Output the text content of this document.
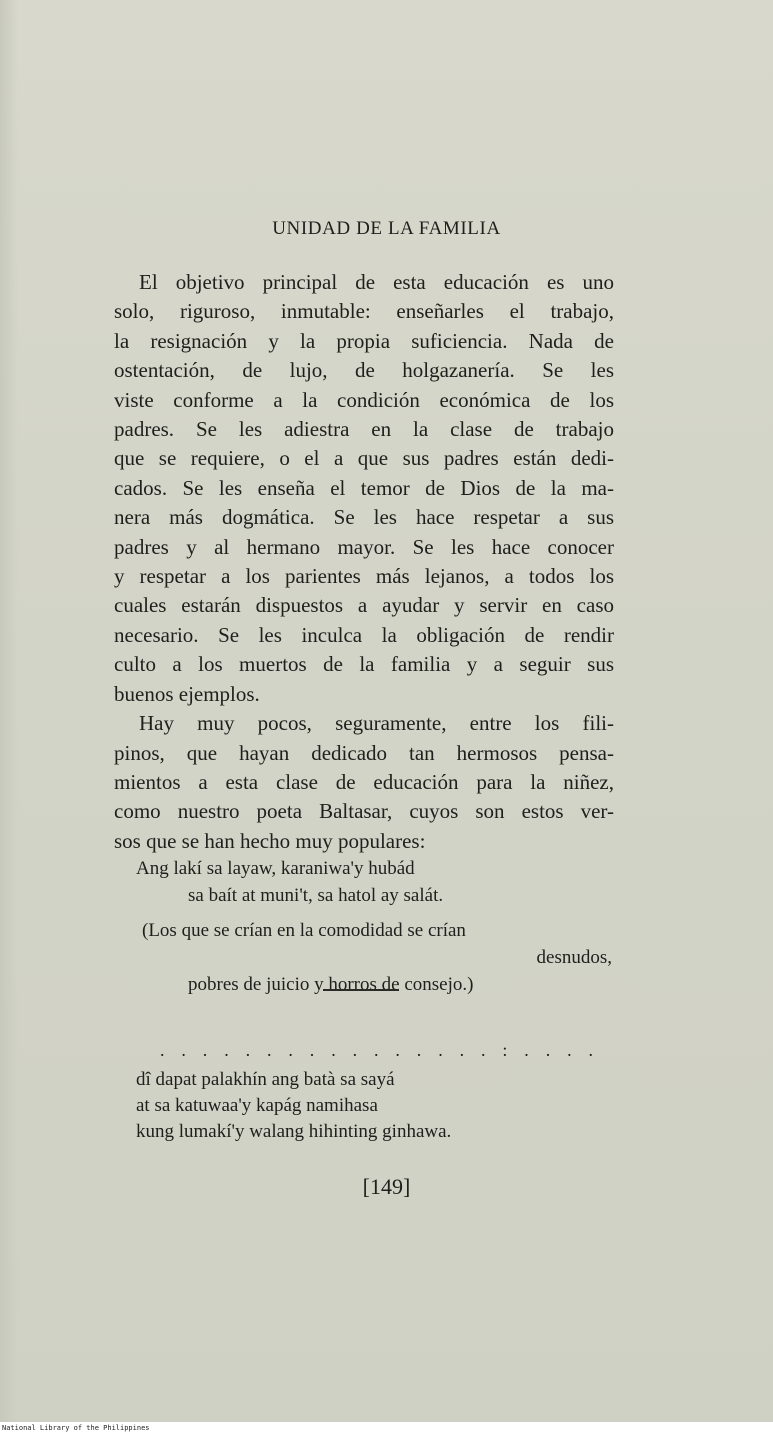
UNIDAD DE LA FAMILIA
El objetivo principal de esta educación es uno
solo, riguroso, inmutable: enseñarles el trabajo,
la resignación y la propia suficiencia. Nada de
ostentación, de lujo, de holgazanería. Se les
viste conforme a la condición económica de los
padres. Se les adiestra en la clase de trabajo
que se requiere, o el a que sus padres están dedi-
cados. Se les enseña el temor de Dios de la ma-
nera más dogmática. Se les hace respetar a sus
padres y al hermano mayor. Se les hace conocer
y respetar a los parientes más lejanos, a todos los
cuales estarán dispuestos a ayudar y servir en caso
necesario. Se les inculca la obligación de rendir
culto a los muertos de la familia y a seguir sus
buenos ejemplos.
Hay muy pocos, seguramente, entre los fili-
pinos, que hayan dedicado tan hermosos pensa-
mientos a esta clase de educación para la niñez,
como nuestro poeta Baltasar, cuyos son estos ver-
sos que se han hecho muy populares:
Ang lakí sa layaw, karaniwa'y hubád
sa baít at muni't, sa hatol ay salát.
(Los que se crían en la comodidad se crían
desnudos,
pobres de juicio y horros de consejo.)
. . . . . . . . . . . . . . . . : . . . .
dî dapat palakhín ang batà sa sayá
at sa katuwaa'y kapág namihasa
kung lumakí'y walang hihinting ginhawa.
[149]
National Library of the Philippines
